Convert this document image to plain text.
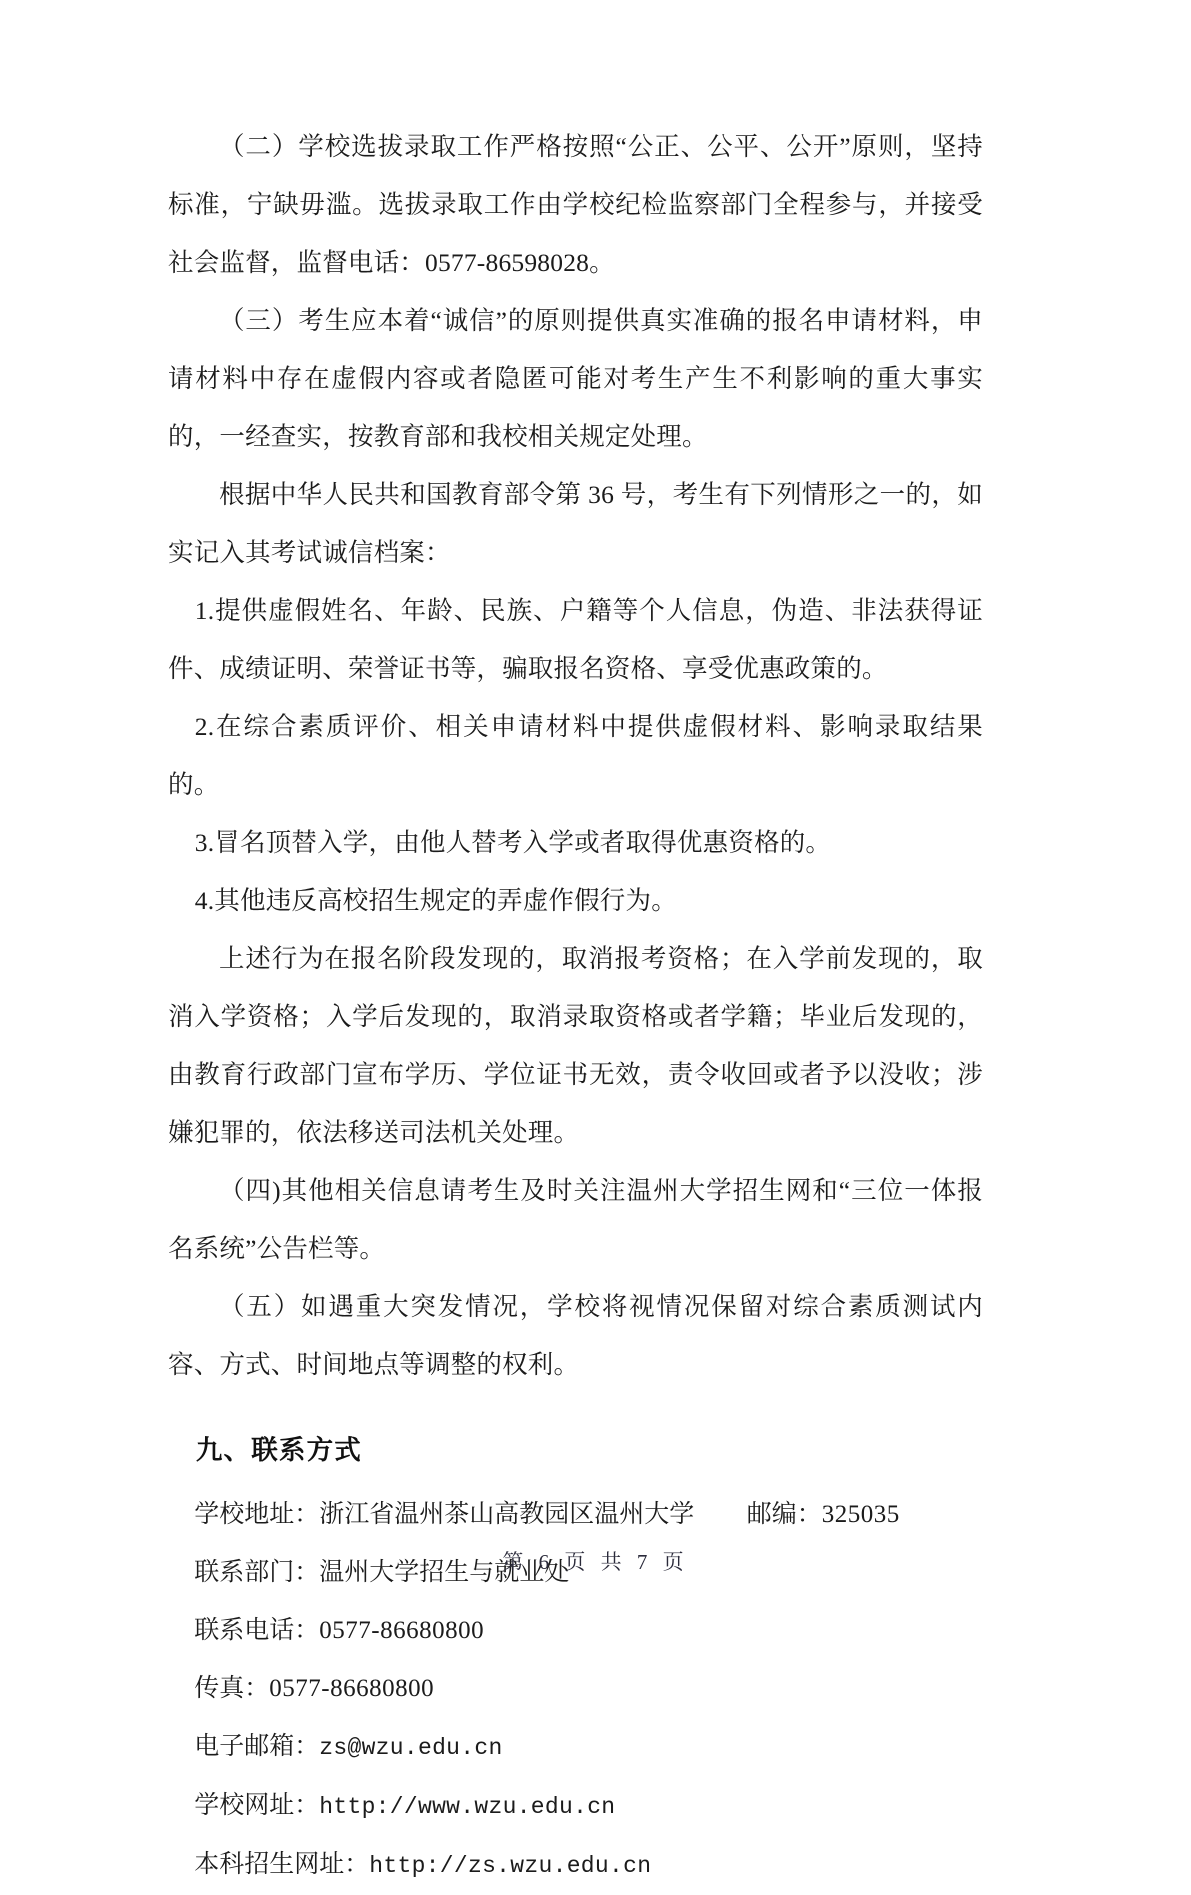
（二）学校选拔录取工作严格按照“公正、公平、公开”原则，坚持标准，宁缺毋滥。选拔录取工作由学校纪检监察部门全程参与，并接受社会监督，监督电话：0577-86598028。

（三）考生应本着“诚信”的原则提供真实准确的报名申请材料，申请材料中存在虚假内容或者隐匿可能对考生产生不利影响的重大事实的，一经查实，按教育部和我校相关规定处理。

根据中华人民共和国教育部令第 36 号，考生有下列情形之一的，如实记入其考试诚信档案：

1.提供虚假姓名、年龄、民族、户籍等个人信息，伪造、非法获得证件、成绩证明、荣誉证书等，骗取报名资格、享受优惠政策的。

2.在综合素质评价、相关申请材料中提供虚假材料、影响录取结果的。

3.冒名顶替入学，由他人替考入学或者取得优惠资格的。

4.其他违反高校招生规定的弄虚作假行为。

上述行为在报名阶段发现的，取消报考资格；在入学前发现的，取消入学资格；入学后发现的，取消录取资格或者学籍；毕业后发现的，由教育行政部门宣布学历、学位证书无效，责令收回或者予以没收；涉嫌犯罪的，依法移送司法机关处理。

（四)其他相关信息请考生及时关注温州大学招生网和“三位一体报名系统”公告栏等。

（五）如遇重大突发情况，学校将视情况保留对综合素质测试内容、方式、时间地点等调整的权利。

九、联系方式
学校地址：浙江省温州茶山高教园区温州大学 邮编：325035
联系部门：温州大学招生与就业处
联系电话：0577-86680800
传真：0577-86680800
电子邮箱：zs@wzu.edu.cn
学校网址：http://www.wzu.edu.cn
本科招生网址：http://zs.wzu.edu.cn
第 6 页 共 7 页
